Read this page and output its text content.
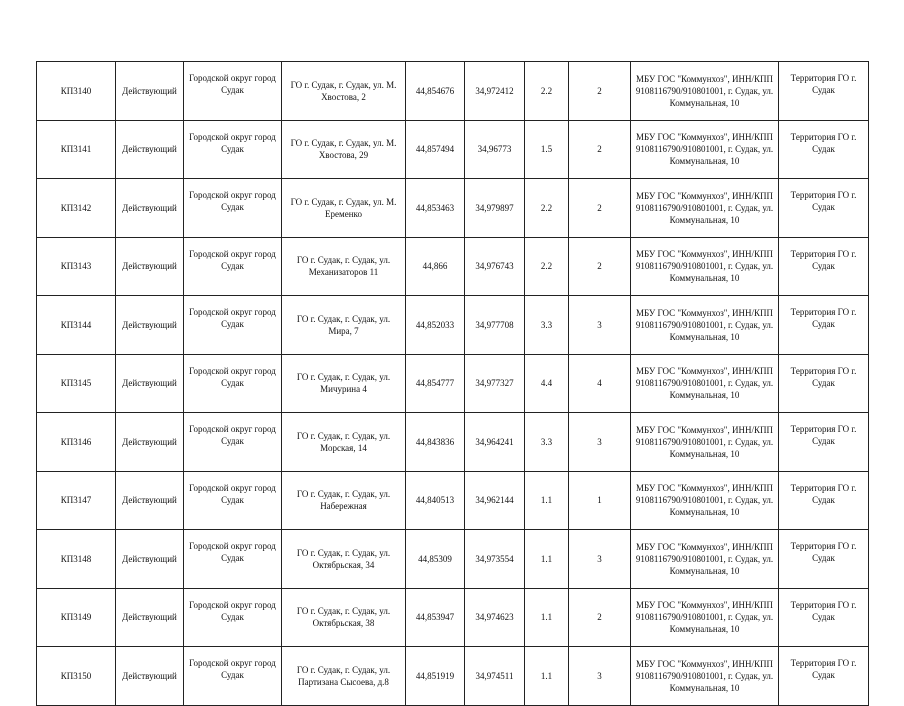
КП3140	Действующий	Городской округ город Судак	ГО г. Судак, г. Судак, ул. М. Хвостова, 2	44,854676	34,972412	2.2	2	МБУ ГОС "Коммунхоз", ИНН/КПП 9108116790/910801001, г. Судак, ул. Коммунальная, 10	Территория ГО г. Судак
КП3141	Действующий	Городской округ город Судак	ГО г. Судак, г. Судак, ул. М. Хвостова, 29	44,857494	34,96773	1.5	2	МБУ ГОС "Коммунхоз", ИНН/КПП 9108116790/910801001, г. Судак, ул. Коммунальная, 10	Территория ГО г. Судак
КП3142	Действующий	Городской округ город Судак	ГО г. Судак, г. Судак, ул. М. Еременко	44,853463	34,979897	2.2	2	МБУ ГОС "Коммунхоз", ИНН/КПП 9108116790/910801001, г. Судак, ул. Коммунальная, 10	Территория ГО г. Судак
КП3143	Действующий	Городской округ город Судак	ГО г. Судак, г. Судак, ул. Механизаторов 11	44,866	34,976743	2.2	2	МБУ ГОС "Коммунхоз", ИНН/КПП 9108116790/910801001, г. Судак, ул. Коммунальная, 10	Территория ГО г. Судак
КП3144	Действующий	Городской округ город Судак	ГО г. Судак, г. Судак, ул. Мира, 7	44,852033	34,977708	3.3	3	МБУ ГОС "Коммунхоз", ИНН/КПП 9108116790/910801001, г. Судак, ул. Коммунальная, 10	Территория ГО г. Судак
КП3145	Действующий	Городской округ город Судак	ГО г. Судак, г. Судак, ул. Мичурина 4	44,854777	34,977327	4.4	4	МБУ ГОС "Коммунхоз", ИНН/КПП 9108116790/910801001, г. Судак, ул. Коммунальная, 10	Территория ГО г. Судак
КП3146	Действующий	Городской округ город Судак	ГО г. Судак, г. Судак, ул. Морская, 14	44,843836	34,964241	3.3	3	МБУ ГОС "Коммунхоз", ИНН/КПП 9108116790/910801001, г. Судак, ул. Коммунальная, 10	Территория ГО г. Судак
КП3147	Действующий	Городской округ город Судак	ГО г. Судак, г. Судак, ул. Набережная	44,840513	34,962144	1.1	1	МБУ ГОС "Коммунхоз", ИНН/КПП 9108116790/910801001, г. Судак, ул. Коммунальная, 10	Территория ГО г. Судак
КП3148	Действующий	Городской округ город Судак	ГО г. Судак, г. Судак, ул. Октябрьская, 34	44,85309	34,973554	1.1	3	МБУ ГОС "Коммунхоз", ИНН/КПП 9108116790/910801001, г. Судак, ул. Коммунальная, 10	Территория ГО г. Судак
КП3149	Действующий	Городской округ город Судак	ГО г. Судак, г. Судак, ул. Октябрьская, 38	44,853947	34,974623	1.1	2	МБУ ГОС "Коммунхоз", ИНН/КПП 9108116790/910801001, г. Судак, ул. Коммунальная, 10	Территория ГО г. Судак
КП3150	Действующий	Городской округ город Судак	ГО г. Судак, г. Судак, ул. Партизана Сысоева, д.8	44,851919	34,974511	1.1	3	МБУ ГОС "Коммунхоз", ИНН/КПП 9108116790/910801001, г. Судак, ул. Коммунальная, 10	Территория ГО г. Судак
